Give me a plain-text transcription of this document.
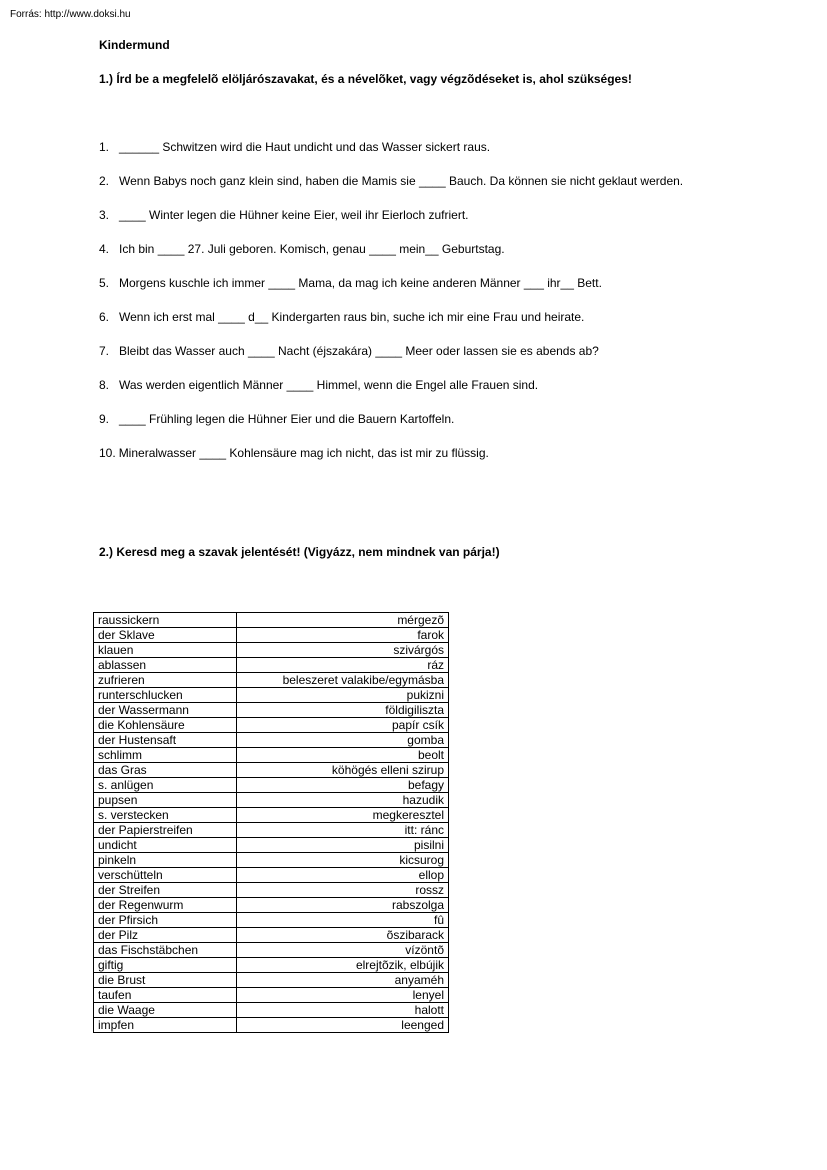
Forrás: http://www.doksi.hu
Kindermund
1.) Írd be a megfelelõ elöljárószavakat, és a névelõket, vagy végzõdéseket is, ahol szükséges!
1. ______ Schwitzen wird die Haut undicht und das Wasser sickert raus.
2. Wenn Babys noch ganz klein sind, haben die Mamis sie ____ Bauch. Da können sie nicht geklaut werden.
3. ____ Winter legen die Hühner keine Eier, weil ihr Eierloch zufriert.
4. Ich bin ____ 27. Juli geboren. Komisch, genau ____ mein__ Geburtstag.
5. Morgens kuschle ich immer ____ Mama, da mag ich keine anderen Männer ___ ihr__ Bett.
6. Wenn ich erst mal ____ d__ Kindergarten raus bin, suche ich mir eine Frau und heirate.
7. Bleibt das Wasser auch ____ Nacht (éjszakára) ____ Meer oder lassen sie es abends ab?
8. Was werden eigentlich Männer ____ Himmel, wenn die Engel alle Frauen sind.
9. ____ Frühling legen die Hühner Eier und die Bauern Kartoffeln.
10. Mineralwasser ____ Kohlensäure mag ich nicht, das ist mir zu flüssig.
2.) Keresd meg a szavak jelentését! (Vigyázz, nem mindnek van párja!)
raussickern	mérgezõ
der Sklave	farok
klauen	szivárgós
ablassen	ráz
zufrieren	beleszeret valakibe/egymásba
runterschlucken	pukizni
der Wassermann	földigiliszta
die Kohlensäure	papír csík
der Hustensaft	gomba
schlimm	beolt
das Gras	köhögés elleni szirup
s. anlügen	befagy
pupsen	hazudik
s. verstecken	megkeresztel
der Papierstreifen	itt: ránc
undicht	pisilni
pinkeln	kicsurog
verschütteln	ellop
der Streifen	rossz
der Regenwurm	rabszolga
der Pfirsich	fû
der Pilz	õszibarack
das Fischstäbchen	vízöntõ
giftig	elrejtõzik, elbújik
die Brust	anyaméh
taufen	lenyel
die Waage	halott
impfen	leenged
